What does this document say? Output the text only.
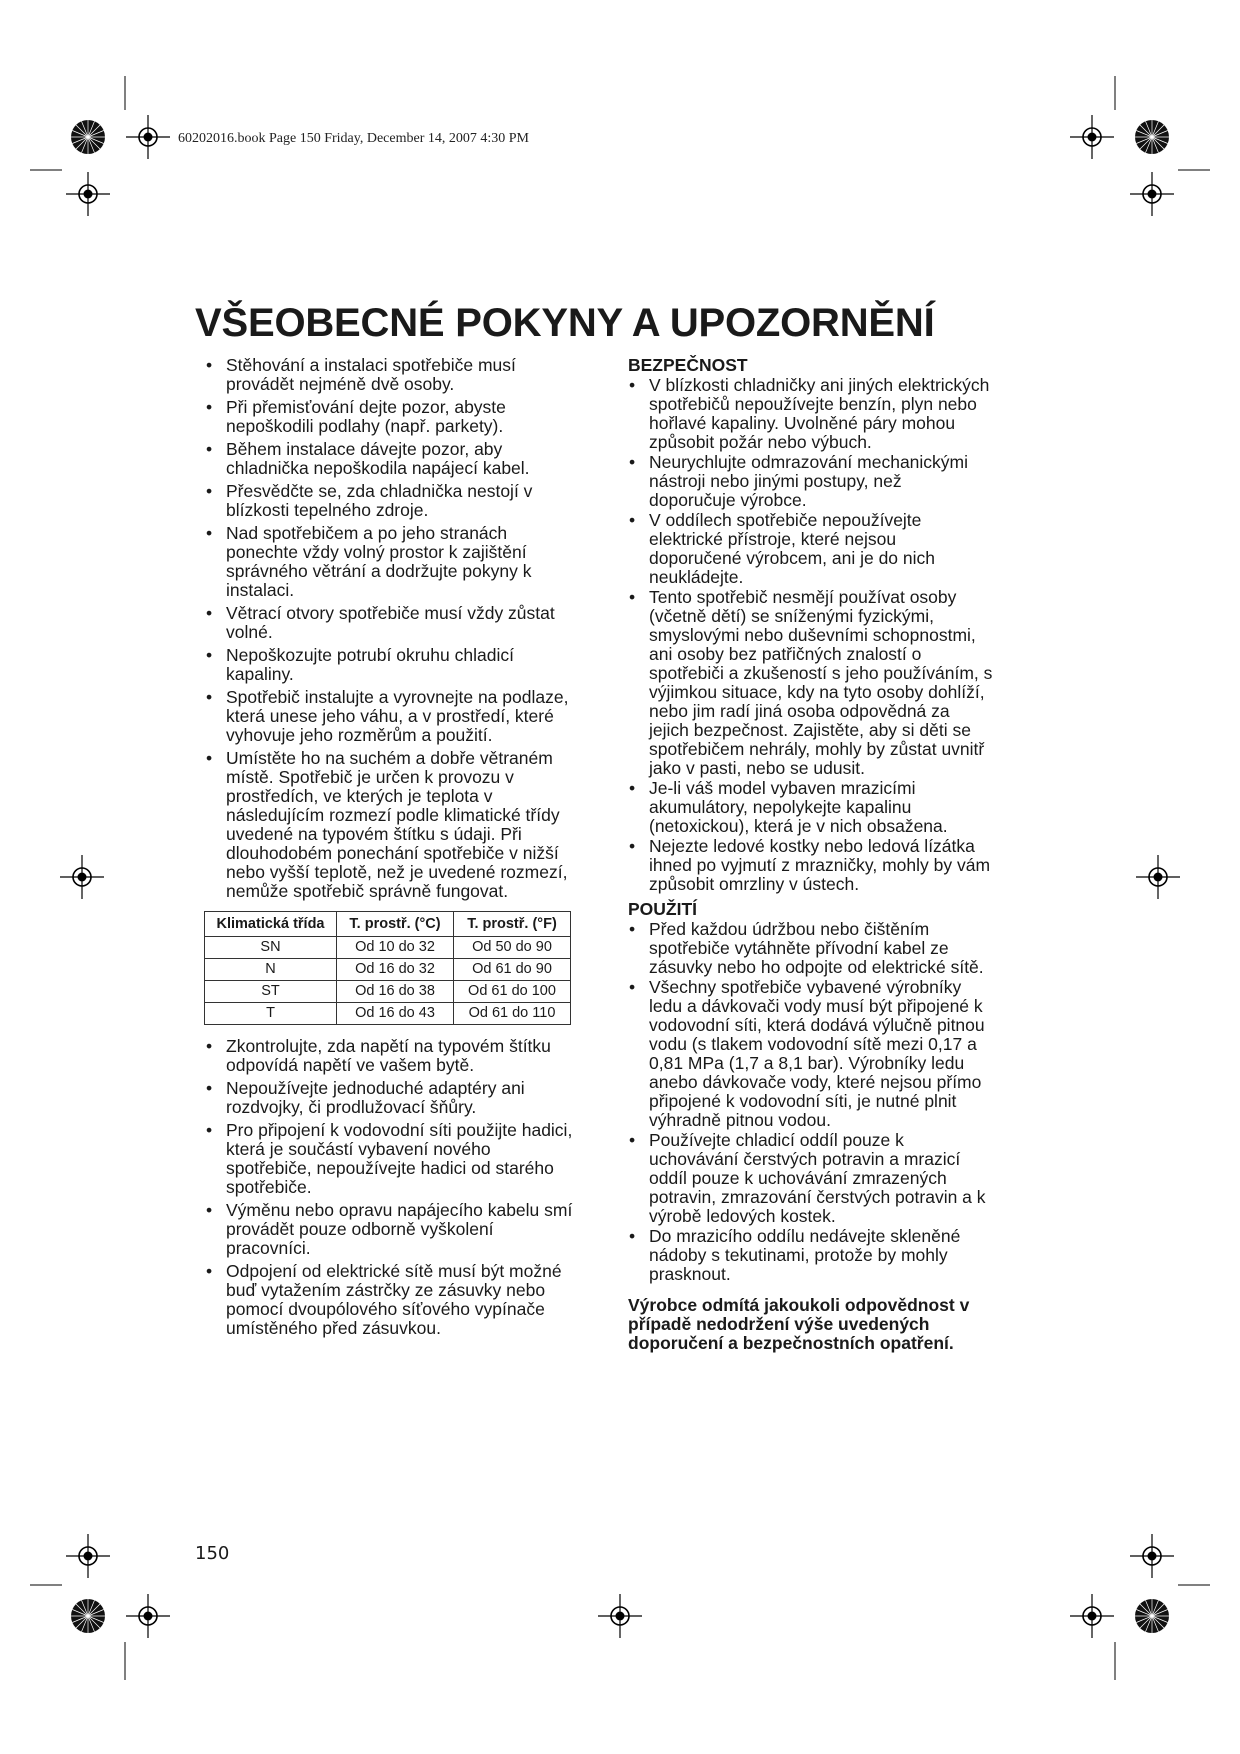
60202016.book Page 150 Friday, December 14, 2007 4:30 PM
VŠEOBECNÉ POKYNY A UPOZORNĚNÍ
• Stěhování a instalaci spotřebiče musí provádět nejméně dvě osoby.
• Při přemisťování dejte pozor, abyste nepoškodili podlahy (např. parkety).
• Během instalace dávejte pozor, aby chladnička nepoškodila napájecí kabel.
• Přesvědčte se, zda chladnička nestojí v blízkosti tepelného zdroje.
• Nad spotřebičem a po jeho stranách ponechte vždy volný prostor k zajištění správného větrání a dodržujte pokyny k instalaci.
• Větrací otvory spotřebiče musí vždy zůstat volné.
• Nepoškozujte potrubí okruhu chladicí kapaliny.
• Spotřebič instalujte a vyrovnejte na podlaze, která unese jeho váhu, a v prostředí, které vyhovuje jeho rozměrům a použití.
• Umístěte ho na suchém a dobře větraném místě. Spotřebič je určen k provozu v prostředích, ve kterých je teplota v následujícím rozmezí podle klimatické třídy uvedené na typovém štítku s údaji. Při dlouhodobém ponechání spotřebiče v nižší nebo vyšší teplotě, než je uvedené rozmezí, nemůže spotřebič správně fungovat.
Klimatická třída	T. prostř. (°C)	T. prostř. (°F)
SN	Od 10 do 32	Od 50 do 90
N	Od 16 do 32	Od 61 do 90
ST	Od 16 do 38	Od 61 do 100
T	Od 16 do 43	Od 61 do 110
• Zkontrolujte, zda napětí na typovém štítku odpovídá napětí ve vašem bytě.
• Nepoužívejte jednoduché adaptéry ani rozdvojky, či prodlužovací šňůry.
• Pro připojení k vodovodní síti použijte hadici, která je součástí vybavení nového spotřebiče, nepoužívejte hadici od starého spotřebiče.
• Výměnu nebo opravu napájecího kabelu smí provádět pouze odborně vyškolení pracovníci.
• Odpojení od elektrické sítě musí být možné buď vytažením zástrčky ze zásuvky nebo pomocí dvoupólového síťového vypínače umístěného před zásuvkou.
BEZPEČNOST
• V blízkosti chladničky ani jiných elektrických spotřebičů nepoužívejte benzín, plyn nebo hořlavé kapaliny. Uvolněné páry mohou způsobit požár nebo výbuch.
• Neurychlujte odmrazování mechanickými nástroji nebo jinými postupy, než doporučuje výrobce.
• V oddílech spotřebiče nepoužívejte elektrické přístroje, které nejsou doporučené výrobcem, ani je do nich neukládejte.
• Tento spotřebič nesmějí používat osoby (včetně dětí) se sníženými fyzickými, smyslovými nebo duševními schopnostmi, ani osoby bez patřičných znalostí o spotřebiči a zkušeností s jeho používáním, s výjimkou situace, kdy na tyto osoby dohlíží, nebo jim radí jiná osoba odpovědná za jejich bezpečnost. Zajistěte, aby si děti se spotřebičem nehrály, mohly by zůstat uvnitř jako v pasti, nebo se udusit.
• Je-li váš model vybaven mrazicími akumulátory, nepolykejte kapalinu (netoxickou), která je v nich obsažena.
• Nejezte ledové kostky nebo ledová lízátka ihned po vyjmutí z mrazničky, mohly by vám způsobit omrzliny v ústech.
POUŽITÍ
• Před každou údržbou nebo čištěním spotřebiče vytáhněte přívodní kabel ze zásuvky nebo ho odpojte od elektrické sítě.
• Všechny spotřebiče vybavené výrobníky ledu a dávkovači vody musí být připojené k vodovodní síti, která dodává výlučně pitnou vodu (s tlakem vodovodní sítě mezi 0,17 a 0,81 MPa (1,7 a 8,1 bar). Výrobníky ledu anebo dávkovače vody, které nejsou přímo připojené k vodovodní síti, je nutné plnit výhradně pitnou vodou.
• Používejte chladicí oddíl pouze k uchovávání čerstvých potravin a mrazicí oddíl pouze k uchovávání zmrazených potravin, zmrazování čerstvých potravin a k výrobě ledových kostek.
• Do mrazicího oddílu nedávejte skleněné nádoby s tekutinami, protože by mohly prasknout.
Výrobce odmítá jakoukoli odpovědnost v případě nedodržení výše uvedených doporučení a bezpečnostních opatření.
150
